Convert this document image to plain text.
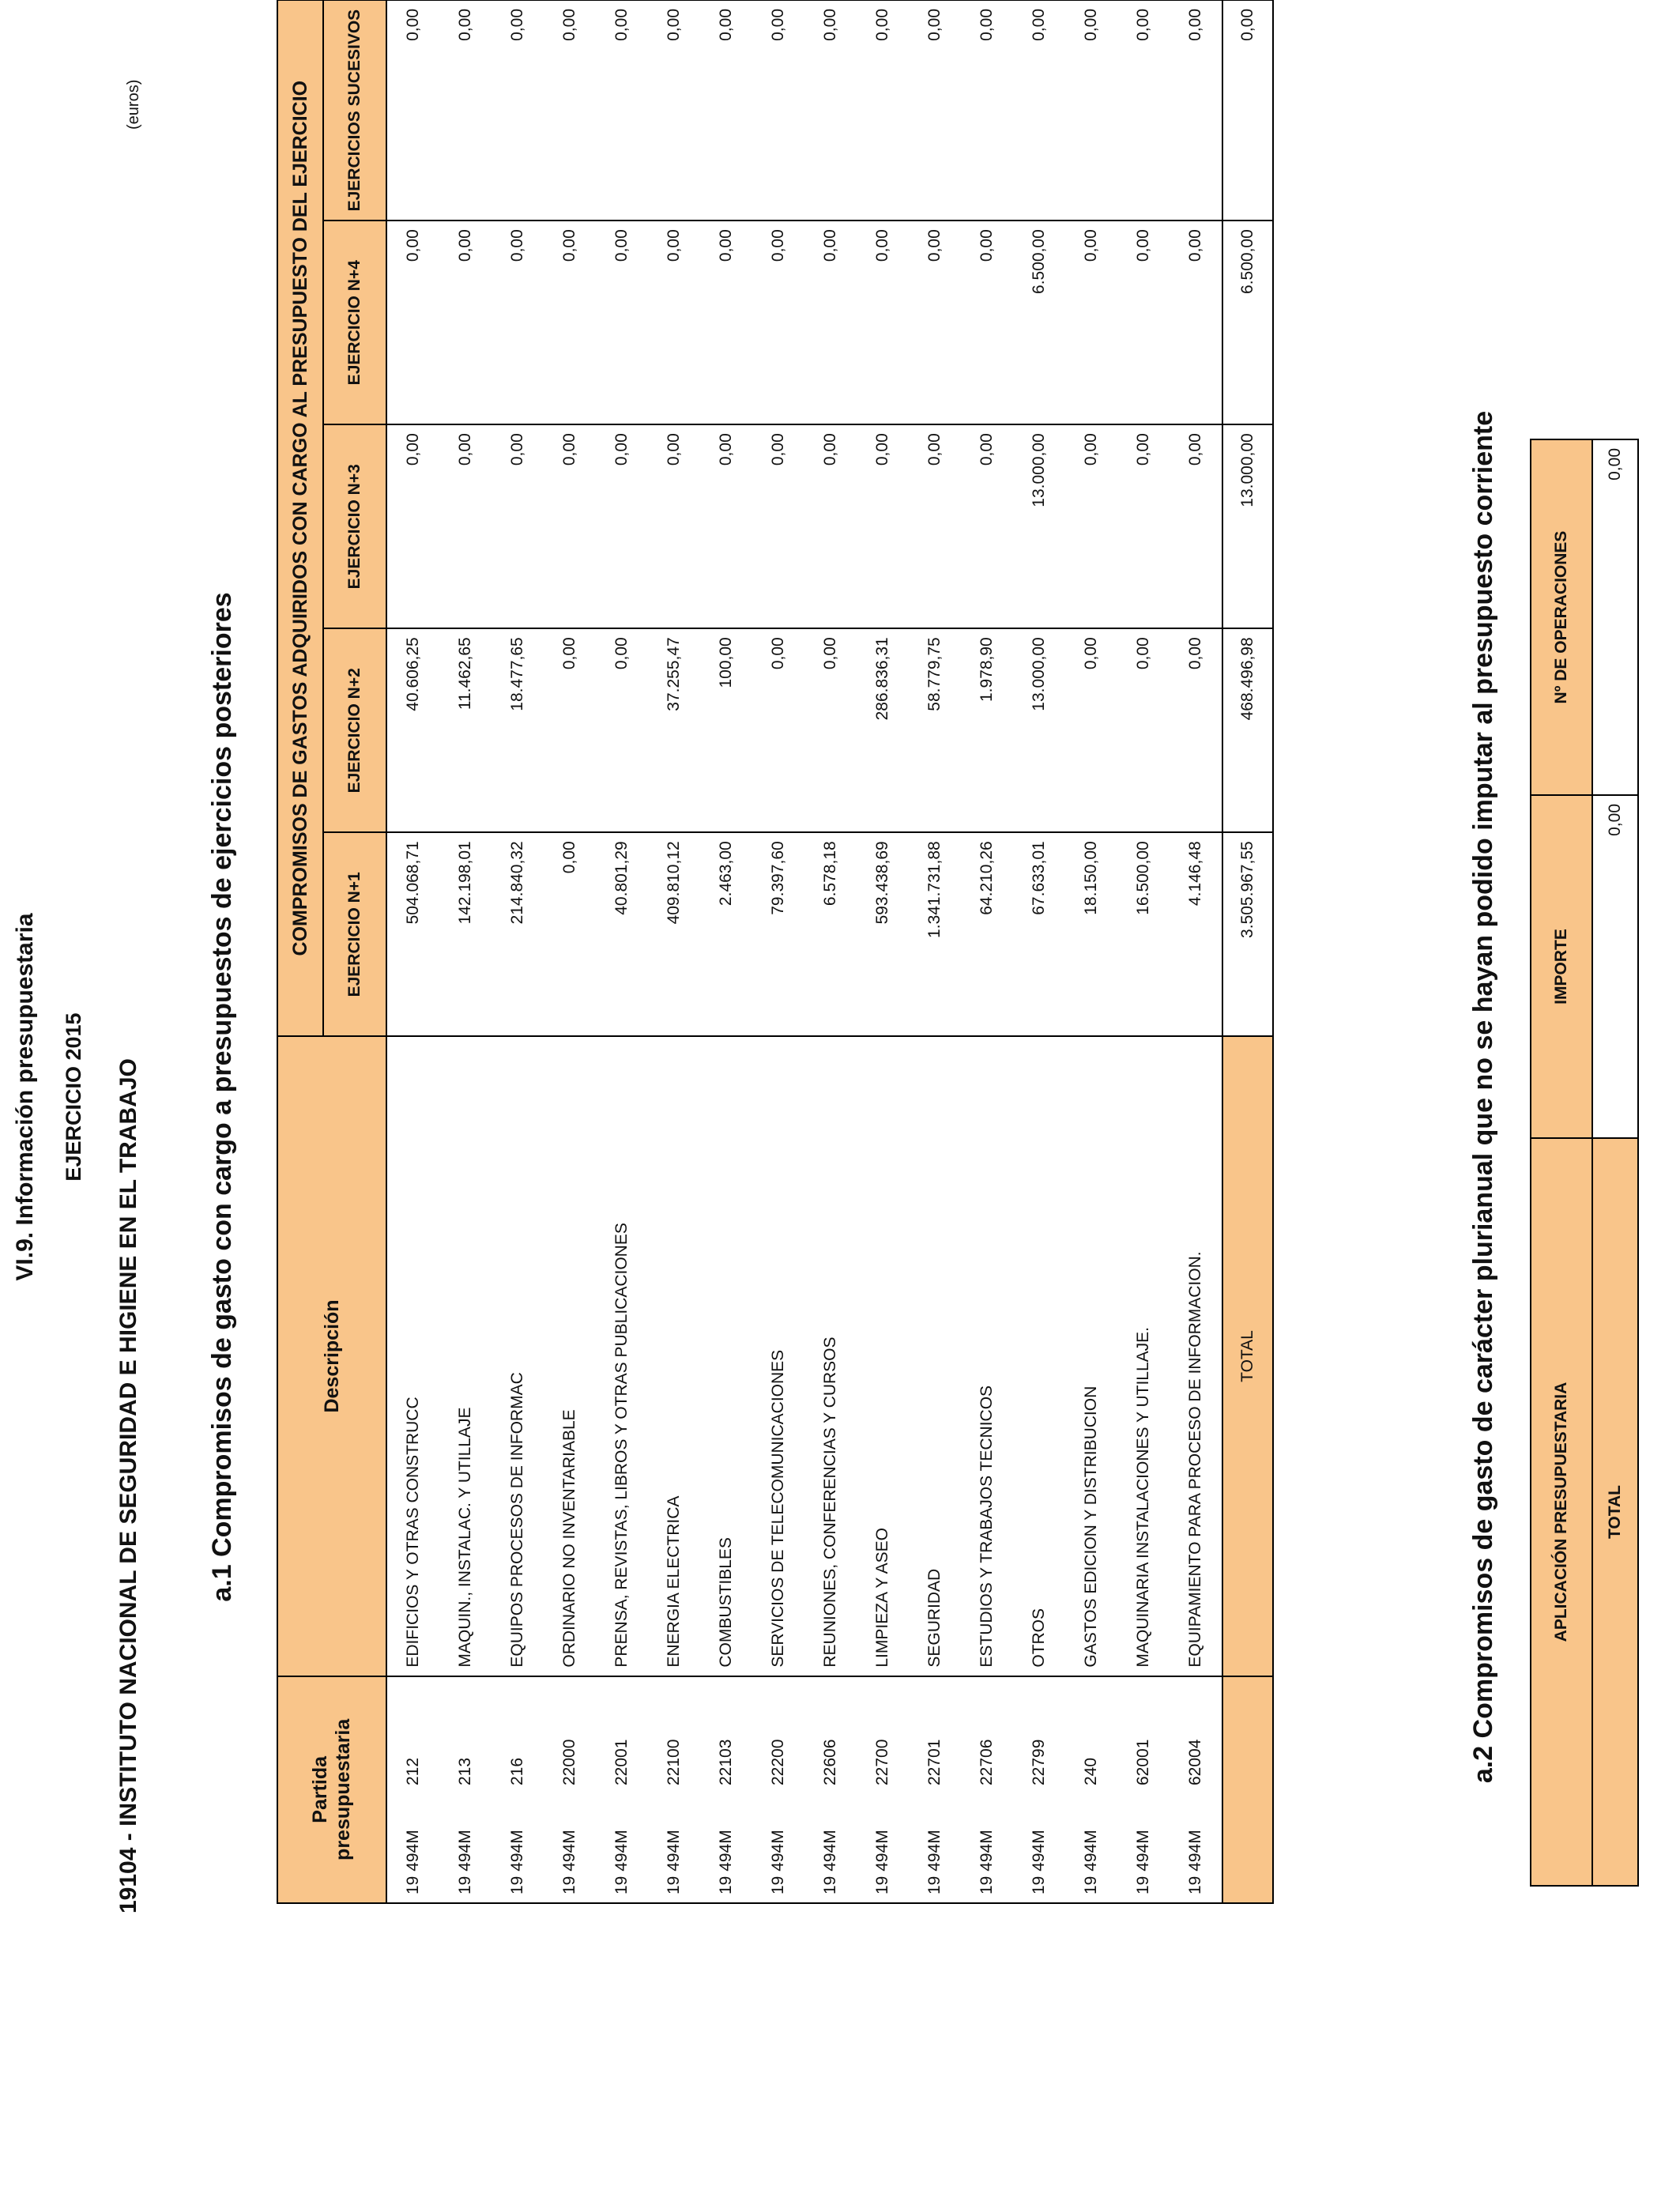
VI.9. Información presupuestaria EJERCICIO 2015 19104 - INSTITUTO NACIONAL DE SEGURIDAD E HIGIENE EN EL TRABAJO
(euros)
a.1 Compromisos de gasto con cargo a presupuestos de ejercicios posteriores
Partida presupuestaria	Descripción	COMPROMISOS DE GASTOS ADQUIRIDOS CON CARGO AL PRESUPUESTO DEL EJERCICIO				
		EJERCICIO N+1	EJERCICIO N+2	EJERCICIO N+3	EJERCICIO N+4	EJERCICIOS SUCESIVOS
19 494M212	EDIFICIOS Y OTRAS CONSTRUCC	504.068,71	40.606,25	0,00	0,00	0,00
19 494M213	MAQUIN., INSTALAC. Y UTILLAJE	142.198,01	11.462,65	0,00	0,00	0,00
19 494M216	EQUIPOS PROCESOS DE INFORMAC	214.840,32	18.477,65	0,00	0,00	0,00
19 494M22000	ORDINARIO NO INVENTARIABLE	0,00	0,00	0,00	0,00	0,00
19 494M22001	PRENSA, REVISTAS, LIBROS Y OTRAS PUBLICACIONES	40.801,29	0,00	0,00	0,00	0,00
19 494M22100	ENERGIA ELECTRICA	409.810,12	37.255,47	0,00	0,00	0,00
19 494M22103	COMBUSTIBLES	2.463,00	100,00	0,00	0,00	0,00
19 494M22200	SERVICIOS DE TELECOMUNICACIONES	79.397,60	0,00	0,00	0,00	0,00
19 494M22606	REUNIONES, CONFERENCIAS Y CURSOS	6.578,18	0,00	0,00	0,00	0,00
19 494M22700	LIMPIEZA Y ASEO	593.438,69	286.836,31	0,00	0,00	0,00
19 494M22701	SEGURIDAD	1.341.731,88	58.779,75	0,00	0,00	0,00
19 494M22706	ESTUDIOS Y TRABAJOS TECNICOS	64.210,26	1.978,90	0,00	0,00	0,00
19 494M22799	OTROS	67.633,01	13.000,00	13.000,00	6.500,00	0,00
19 494M240	GASTOS EDICION Y DISTRIBUCION	18.150,00	0,00	0,00	0,00	0,00
19 494M62001	MAQUINARIA INSTALACIONES Y UTILLAJE.	16.500,00	0,00	0,00	0,00	0,00
19 494M62004	EQUIPAMIENTO PARA PROCESO DE INFORMACION.	4.146,48	0,00	0,00	0,00	0,00
	TOTAL	3.505.967,55	468.496,98	13.000,00	6.500,00	0,00
a.2 Compromisos de gasto de carácter plurianual que no se hayan podido imputar al presupuesto corriente	APLICACIÓN PRESUPUESTARIA	IMPORTE	Nº DE OPERACIONES
TOTAL	0,00	0,00
